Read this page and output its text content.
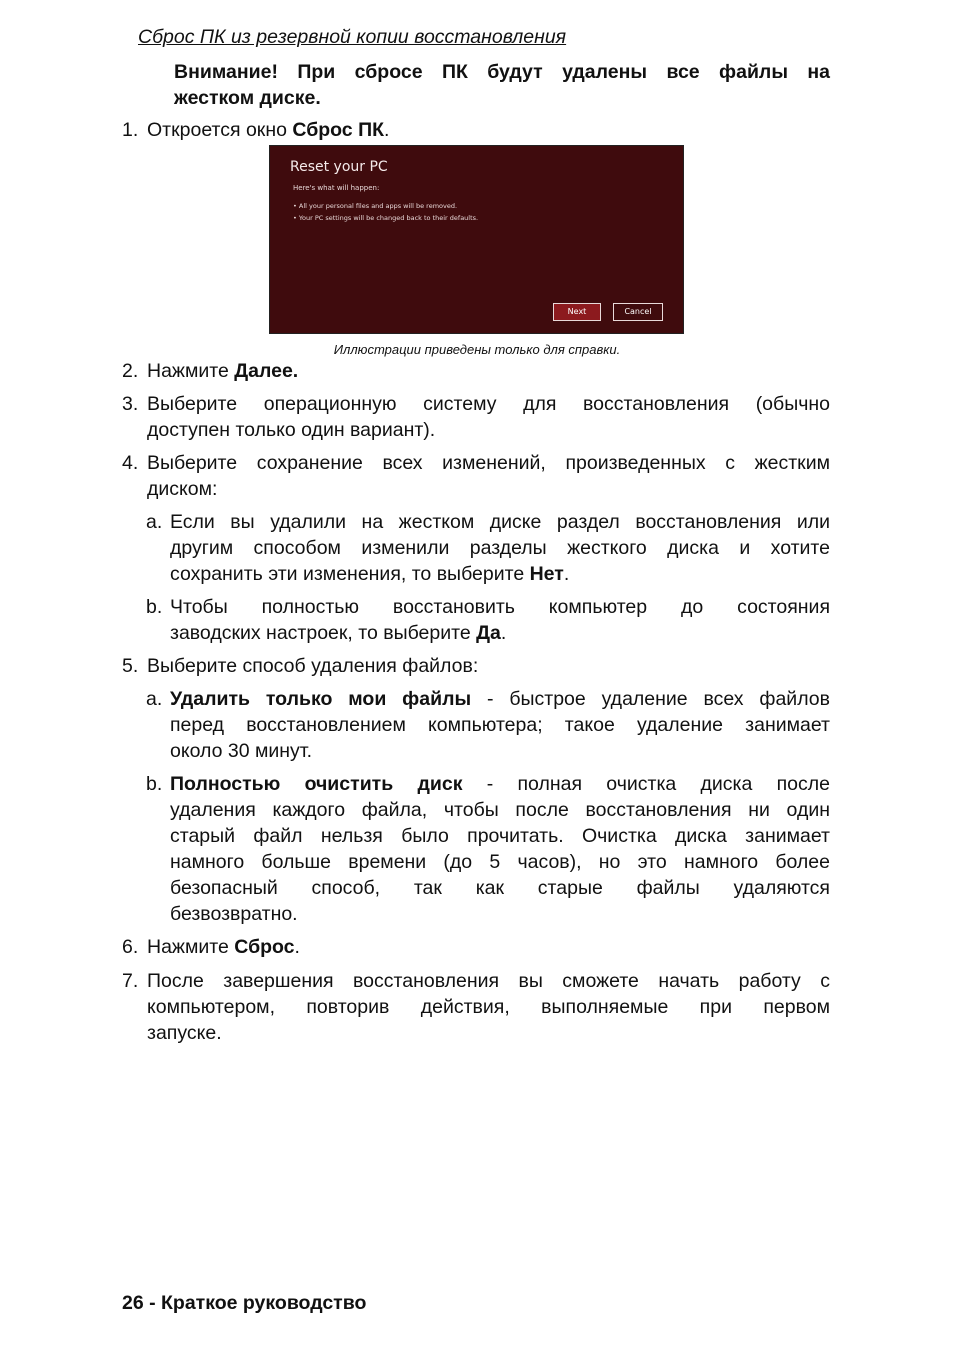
Сброс ПК из резервной копии восстановления
Внимание! При сбросе ПК будут удалены все файлы на
жестком диске.
1. Откроется окно Сброс ПК.
Reset your PC
Here's what will happen:
• All your personal files and apps will be removed.
• Your PC settings will be changed back to their defaults.
Next	Cancel
Иллюстрации приведены только для справки.
2. Нажмите Далее.
3. Выберите операционную систему для восстановления (обычно
доступен только один вариант).
4. Выберите сохранение всех изменений, произведенных с жестким
диском:
a. Если вы удалили на жестком диске раздел восстановления или
другим способом изменили разделы жесткого диска и хотите
сохранить эти изменения, то выберите Нет.
b. Чтобы полностью восстановить компьютер до состояния
заводских настроек, то выберите Да.
5. Выберите способ удаления файлов:
a. Удалить только мои файлы - быстрое удаление всех файлов
перед восстановлением компьютера; такое удаление занимает
около 30 минут.
b. Полностью очистить диск - полная очистка диска после
удаления каждого файла, чтобы после восстановления ни один
старый файл нельзя было прочитать. Очистка диска занимает
намного больше времени (до 5 часов), но это намного более
безопасный способ, так как старые файлы удаляются
безвозвратно.
6. Нажмите Сброс.
7. После завершения восстановления вы сможете начать работу с
компьютером, повторив действия, выполняемые при первом
запуске.
26 - Краткое руководство
